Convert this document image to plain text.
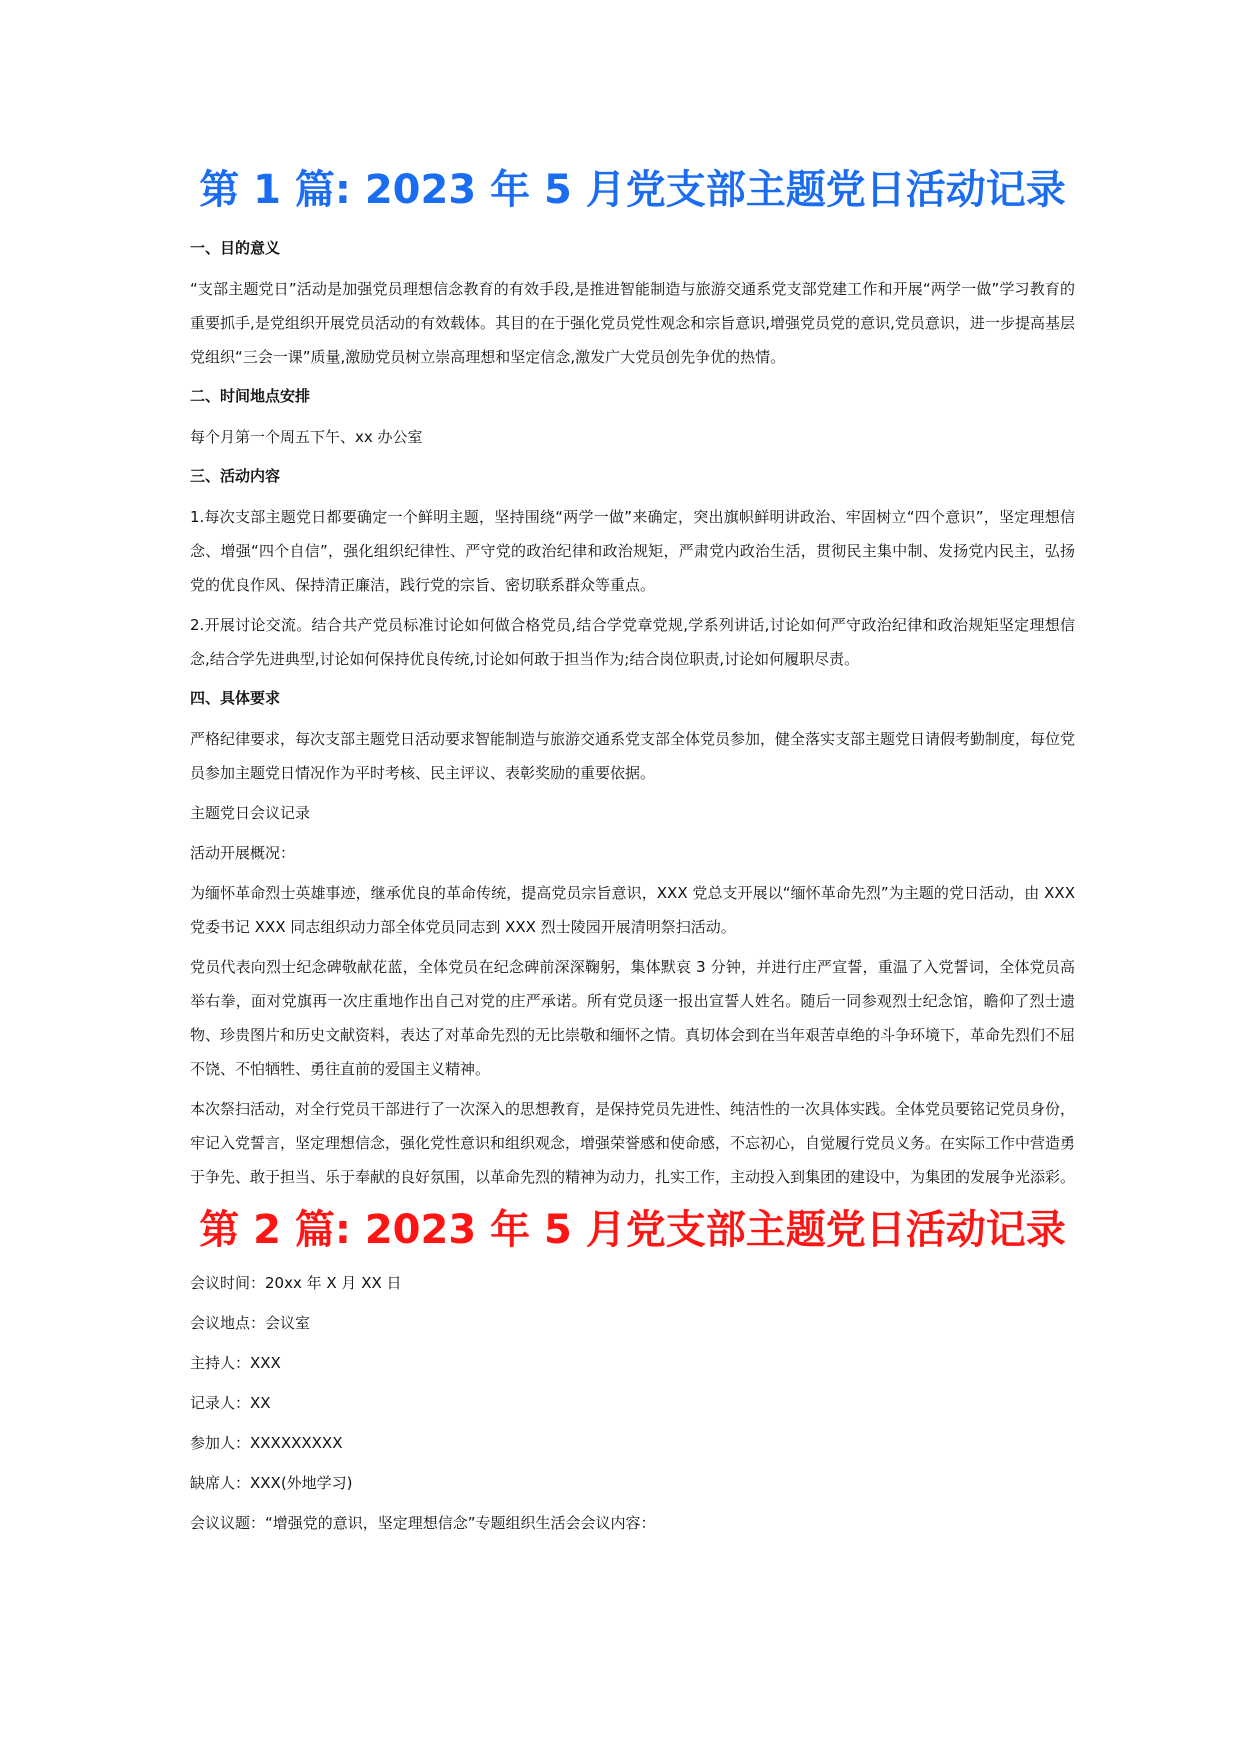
第 1 篇: 2023 年 5 月党支部主题党日活动记录
一、目的意义
“支部主题党日”活动是加强党员理想信念教育的有效手段,是推进智能制造与旅游交通系党支部党建工作和开展“两学一做”学习教育的重要抓手,是党组织开展党员活动的有效载体。其目的在于强化党员党性观念和宗旨意识,增强党员党的意识,党员意识，进一步提高基层党组织“三会一课”质量,激励党员树立崇高理想和坚定信念,激发广大党员创先争优的热情。
二、时间地点安排
每个月第一个周五下午、xx 办公室
三、活动内容
1.每次支部主题党日都要确定一个鲜明主题，坚持围绕“两学一做”来确定，突出旗帜鲜明讲政治、牢固树立“四个意识”，坚定理想信念、增强“四个自信”，强化组织纪律性、严守党的政治纪律和政治规矩，严肃党内政治生活，贯彻民主集中制、发扬党内民主，弘扬党的优良作风、保持清正廉洁，践行党的宗旨、密切联系群众等重点。
2.开展讨论交流。结合共产党员标准讨论如何做合格党员,结合学党章党规,学系列讲话,讨论如何严守政治纪律和政治规矩坚定理想信念,结合学先进典型,讨论如何保持优良传统,讨论如何敢于担当作为;结合岗位职责,讨论如何履职尽责。
四、具体要求
严格纪律要求，每次支部主题党日活动要求智能制造与旅游交通系党支部全体党员参加，健全落实支部主题党日请假考勤制度，每位党员参加主题党日情况作为平时考核、民主评议、表彰奖励的重要依据。
主题党日会议记录
活动开展概况：
为缅怀革命烈士英雄事迹，继承优良的革命传统，提高党员宗旨意识，XXX 党总支开展以“缅怀革命先烈”为主题的党日活动，由 XXX 党委书记 XXX 同志组织动力部全体党员同志到 XXX 烈士陵园开展清明祭扫活动。
党员代表向烈士纪念碑敬献花蓝，全体党员在纪念碑前深深鞠躬，集体默哀 3 分钟，并进行庄严宣誓，重温了入党誓词，全体党员高举右拳，面对党旗再一次庄重地作出自己对党的庄严承诺。所有党员逐一报出宣誓人姓名。随后一同参观烈士纪念馆，瞻仰了烈士遗物、珍贵图片和历史文献资料，表达了对革命先烈的无比崇敬和缅怀之情。真切体会到在当年艰苦卓绝的斗争环境下，革命先烈们不屈不饶、不怕牺牲、勇往直前的爱国主义精神。
本次祭扫活动，对全行党员干部进行了一次深入的思想教育，是保持党员先进性、纯洁性的一次具体实践。全体党员要铭记党员身份，牢记入党誓言，坚定理想信念，强化党性意识和组织观念，增强荣誉感和使命感，不忘初心，自觉履行党员义务。在实际工作中营造勇于争先、敢于担当、乐于奉献的良好氛围，以革命先烈的精神为动力，扎实工作，主动投入到集团的建设中，为集团的发展争光添彩。
第 2 篇: 2023 年 5 月党支部主题党日活动记录
会议时间：20xx 年 X 月 XX 日
会议地点：会议室
主持人：XXX
记录人：XX
参加人：XXXXXXXXX
缺席人：XXX(外地学习)
会议议题：“增强党的意识，坚定理想信念”专题组织生活会会议内容：
